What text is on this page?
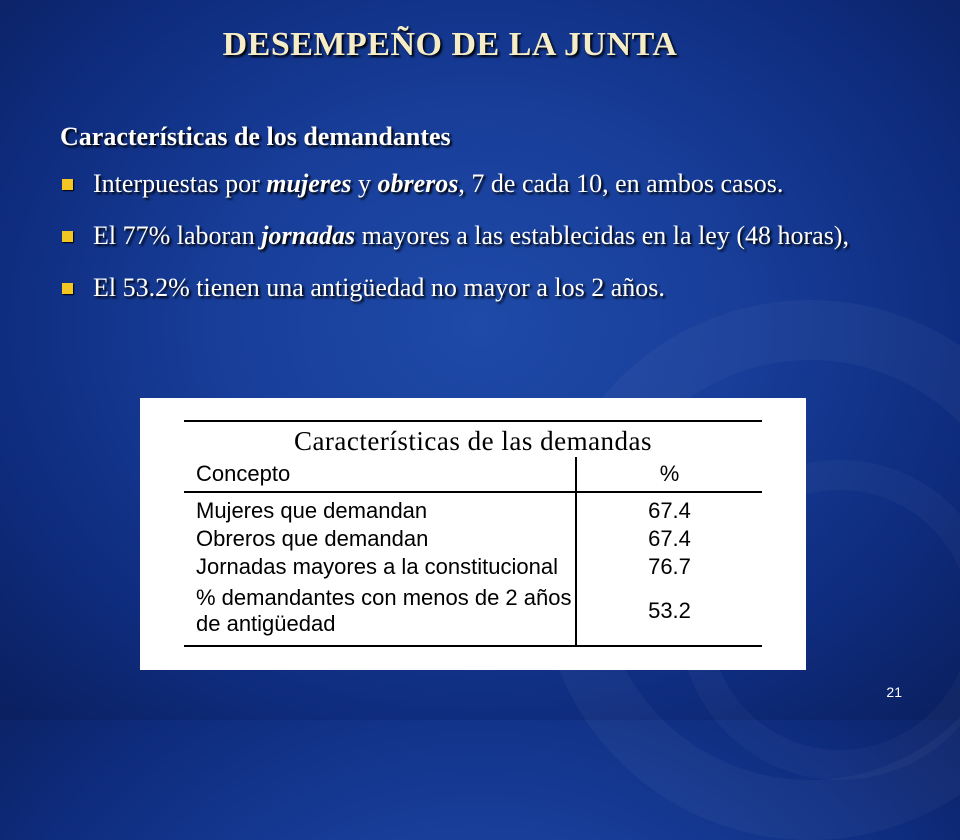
DESEMPEÑO DE LA JUNTA
Características de los demandantes
Interpuestas por mujeres y obreros, 7 de cada 10, en ambos casos.
El 77% laboran jornadas mayores a las establecidas en la ley (48 horas),
El 53.2% tienen una antigüedad no mayor a los 2 años.
Características de las demandas
Concepto	%
Mujeres que demandan	67.4
Obreros que demandan	67.4
Jornadas mayores a la constitucional	76.7
% demandantes con menos de 2 años
de antigüedad	53.2
21
